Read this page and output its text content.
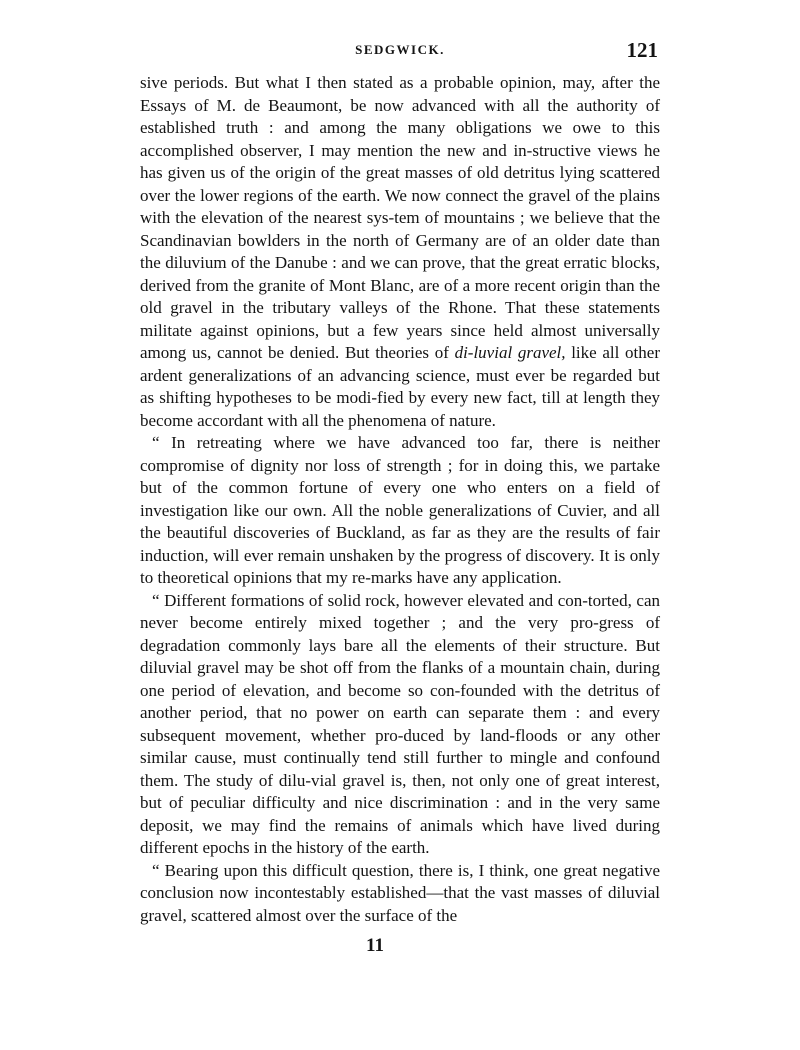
SEDGWICK.	121

sive periods. But what I then stated as a probable opinion, may, after the Essays of M. de Beaumont, be now advanced with all the authority of established truth : and among the many obligations we owe to this accomplished observer, I may mention the new and in-structive views he has given us of the origin of the great masses of old detritus lying scattered over the lower regions of the earth. We now connect the gravel of the plains with the elevation of the nearest sys-tem of mountains ; we believe that the Scandinavian bowlders in the north of Germany are of an older date than the diluvium of the Danube : and we can prove, that the great erratic blocks, derived from the granite of Mont Blanc, are of a more recent origin than the old gravel in the tributary valleys of the Rhone. That these statements militate against opinions, but a few years since held almost universally among us, cannot be denied. But theories of di-luvial gravel, like all other ardent generalizations of an advancing science, must ever be regarded but as shifting hypotheses to be modi-fied by every new fact, till at length they become accordant with all the phenomena of nature.

“ In retreating where we have advanced too far, there is neither compromise of dignity nor loss of strength ; for in doing this, we partake but of the common fortune of every one who enters on a field of investigation like our own. All the noble generalizations of Cuvier, and all the beautiful discoveries of Buckland, as far as they are the results of fair induction, will ever remain unshaken by the progress of discovery. It is only to theoretical opinions that my re-marks have any application.

“ Different formations of solid rock, however elevated and con-torted, can never become entirely mixed together ; and the very pro-gress of degradation commonly lays bare all the elements of their structure. But diluvial gravel may be shot off from the flanks of a mountain chain, during one period of elevation, and become so con-founded with the detritus of another period, that no power on earth can separate them : and every subsequent movement, whether pro-duced by land-floods or any other similar cause, must continually tend still further to mingle and confound them. The study of dilu-vial gravel is, then, not only one of great interest, but of peculiar difficulty and nice discrimination : and in the very same deposit, we may find the remains of animals which have lived during different epochs in the history of the earth.

“ Bearing upon this difficult question, there is, I think, one great negative conclusion now incontestably established—that the vast masses of diluvial gravel, scattered almost over the surface of the

11
